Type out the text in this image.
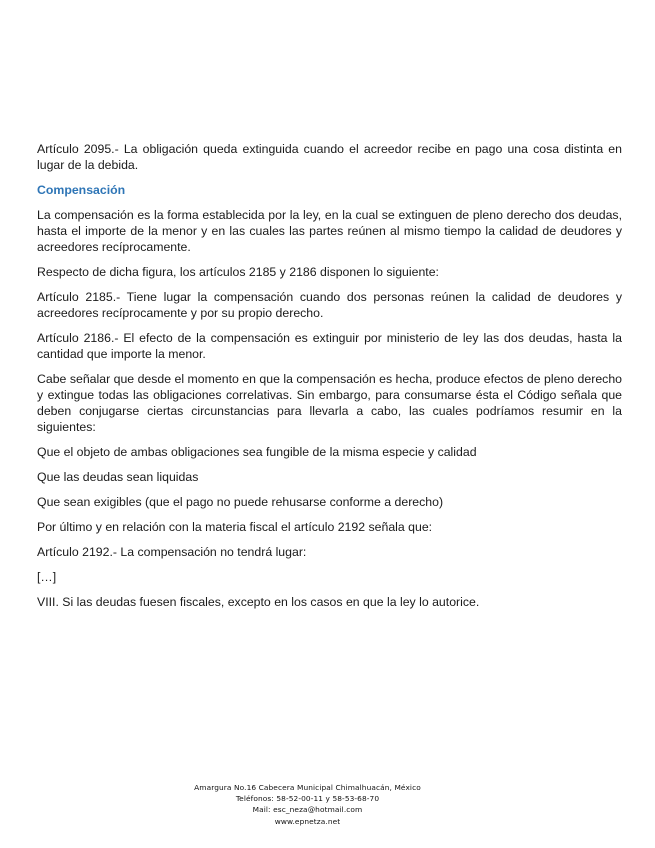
Artículo 2095.- La obligación queda extinguida cuando el acreedor recibe en pago una cosa distinta en lugar de la debida.

Compensación

La compensación es la forma establecida por la ley, en la cual se extinguen de pleno derecho dos deudas, hasta el importe de la menor y en las cuales las partes reúnen al mismo tiempo la calidad de deudores y acreedores recíprocamente.

Respecto de dicha figura, los artículos 2185 y 2186 disponen lo siguiente:

Artículo 2185.- Tiene lugar la compensación cuando dos personas reúnen la calidad de deudores y acreedores recíprocamente y por su propio derecho.

Artículo 2186.- El efecto de la compensación es extinguir por ministerio de ley las dos deudas, hasta la cantidad que importe la menor.

Cabe señalar que desde el momento en que la compensación es hecha, produce efectos de pleno derecho y extingue todas las obligaciones correlativas. Sin embargo, para consumarse ésta el Código señala que deben conjugarse ciertas circunstancias para llevarla a cabo, las cuales podríamos resumir en la siguientes:

Que el objeto de ambas obligaciones sea fungible de la misma especie y calidad

Que las deudas sean liquidas

Que sean exigibles (que el pago no puede rehusarse conforme a derecho)

Por último y en relación con la materia fiscal el artículo 2192 señala que:

Artículo 2192.- La compensación no tendrá lugar:

[…]

VIII. Si las deudas fuesen fiscales, excepto en los casos en que la ley lo autorice.

Amargura No.16 Cabecera Municipal Chimalhuacán, México
Teléfonos: 58-52-00-11 y 58-53-68-70
Mail: esc_neza@hotmail.com
www.epnetza.net
